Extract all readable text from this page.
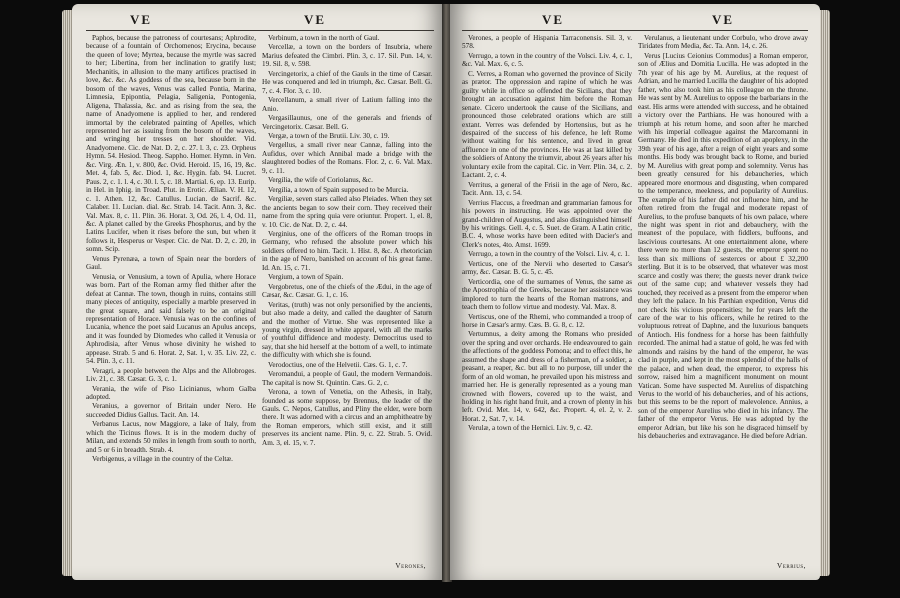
VE	VE

Paphos, because the patroness of courtesans; Aphrodite, because of a fountain of Orchomenos; Erycina, because the queen of love; Myrtea, because the myrtle was sacred to her; Libertina, from her inclination to gratify lust; Mechanitis, in allusion to the many artifices practised in love, &c. &c. As goddess of the sea, because born in the bosom of the waves, Venus was called Pontia, Marina, Limnesia, Epipontia, Pelagia, Saligenia, Pontogenia, Aligena, Thalassia, &c. and as rising from the sea, the name of Anadyomene is applied to her, and rendered immortal by the celebrated painting of Apelles, which represented her as issuing from the bosom of the waves, and wringing her tresses on her shoulder. Vid. Anadyomene. Cic. de Nat. D. 2, c. 27. l. 3, c. 23. Orpheus Hymn. 54. Hesiod. Theog. Sappho. Homer. Hymn. in Ven. &c. Virg. Æn. 1, v. 800, &c. Ovid. Heroid. 15, 16, 19, &c. Met. 4, fab. 5, &c. Diod. 1, &c. Hygin. fab. 94. Lucret. Paus. 2, c. 1. l. 4, c. 30. l. 5, c. 18. Martial. 6, ep. 13. Eurip. in Hel. in Iphig. in Troad. Plut. in Erotic. Ælian. V. H. 12, c. 1. Athen. 12, &c. Catullus. Lucian. de Sacrif. &c. Calaber. 11. Lucian. dial. &c. Strab. 14. Tacit. Ann. 3, &c. Val. Max. 8, c. 11. Plin. 36. Horat. 3, Od. 26, l. 4, Od. 11, &c. A planet called by the Greeks Phosphorus, and by the Latins Lucifer, when it rises before the sun, but when it follows it, Hesperus or Vesper. Cic. de Nat. D. 2, c. 20, in somn. Scip.

Venus Pyrenæa, a town of Spain near the borders of Gaul.

Venusia, or Venusium, a town of Apulia, where Horace was born. Part of the Roman army fled thither after the defeat at Cannæ. The town, though in ruins, contains still many pieces of antiquity, especially a marble preserved in the great square, and said falsely to be an original representation of Horace. Venusia was on the confines of Lucania, whence the poet said Lucanus an Apulus anceps, and it was founded by Diomedes who called it Venusia or Aphrodisia, after Venus whose divinity he wished to appease. Strab. 5 and 6. Horat. 2, Sat. 1, v. 35. Liv. 22, c. 54. Plin. 3, c. 11.

Veragri, a people between the Alps and the Allobroges. Liv. 21, c. 38. Cæsar. G. 3, c. 1.

Verania, the wife of Piso Licinianus, whom Galba adopted.

Veranius, a governor of Britain under Nero. He succeeded Didius Gallus. Tacit. An. 14.

Verbanus Lacus, now Maggiore, a lake of Italy, from which the Ticinus flows. It is in the modern duchy of Milan, and extends 50 miles in length from south to north, and 5 or 6 in breadth. Strab. 4.

Verbigenus, a village in the country of the Celtæ.

Verbinum, a town in the north of Gaul.

Vercellæ, a town on the borders of Insubria, where Marius defeated the Cimbri. Plin. 3, c. 17. Sil. Pun. 14, v. 19. Sil. 8, v. 598.

Vercingetorix, a chief of the Gauls in the time of Cæsar. He was conquered and led in triumph, &c. Cæsar. Bell. G. 7, c. 4. Flor. 3, c. 10.

Vercellanum, a small river of Latium falling into the Anio.

Vergasillaunus, one of the generals and friends of Vercingetorix. Cæsar. Bell. G.

Vergæ, a town of the Brutii. Liv. 30, c. 19.

Vergellus, a small river near Cannæ, falling into the Aufidus, over which Annibal made a bridge with the slaughtered bodies of the Romans. Flor. 2, c. 6. Val. Max. 9, c. 11.

Vergilia, the wife of Coriolanus, &c.

Vergilia, a town of Spain supposed to be Murcia.

Vergiliæ, seven stars called also Pleiades. When they set the ancients began to sow their corn. They received their name from the spring quia vere oriuntur. Propert. 1, el. 8, v. 10. Cic. de Nat. D. 2, c. 44.

Verginius, one of the officers of the Roman troops in Germany, who refused the absolute power which his soldiers offered to him. Tacit. 1. Hist. 8, &c. A rhetorician in the age of Nero, banished on account of his great fame. Id. An. 15, c. 71.

Vergium, a town of Spain.

Vergobretus, one of the chiefs of the Ædui, in the age of Cæsar, &c. Cæsar. G. 1, c. 16.

Veritas, (truth) was not only personified by the ancients, but also made a deity, and called the daughter of Saturn and the mother of Virtue. She was represented like a young virgin, dressed in white apparel, with all the marks of youthful diffidence and modesty. Democritus used to say, that she hid herself at the bottom of a well, to intimate the difficulty with which she is found.

Verodoctius, one of the Helvetii. Cæs. G. 1, c. 7.

Veromandui, a people of Gaul, the modern Vermandois. The capital is now St. Quintin. Cæs. G. 2, c.

Verona, a town of Venetia, on the Athesis, in Italy, founded as some suppose, by Brennus, the leader of the Gauls. C. Nepos, Catullus, and Pliny the elder, were born there. It was adorned with a circus and an amphitheatre by the Roman emperors, which still exist, and it still preserves its ancient name. Plin. 9, c. 22. Strab. 5. Ovid. Am. 3, el. 15, v. 7.

Verones,
VE	VE

Verones, a people of Hispania Tarraconensis. Sil. 3, v. 578.

Verrugo, a town in the country of the Volsci. Liv. 4, c. 1, &c. Val. Max. 6, c. 5.

C. Verres, a Roman who governed the province of Sicily as prætor. The oppression and rapine of which he was guilty while in office so offended the Sicilians, that they brought an accusation against him before the Roman senate. Cicero undertook the cause of the Sicilians, and pronounced those celebrated orations which are still extant. Verres was defended by Hortensius, but as he despaired of the success of his defence, he left Rome without waiting for his sentence, and lived in great affluence in one of the provinces. He was at last killed by the soldiers of Antony the triumvir, about 26 years after his voluntary exile from the capital. Cic. in Verr. Plin. 34, c. 2. Lactant. 2, c. 4.

Verritus, a general of the Frisii in the age of Nero, &c. Tacit. Ann. 13, c. 54.

Verrius Flaccus, a freedman and grammarian famous for his powers in instructing. He was appointed over the grand-children of Augustus, and also distinguished himself by his writings. Gell. 4, c. 5. Suet. de Gram. A Latin critic, B.C. 4, whose works have been edited with Dacier's and Clerk's notes, 4to. Amst. 1699.

Verrugo, a town in the country of the Volsci. Liv. 4, c. 1.

Verticus, one of the Nervii who deserted to Cæsar's army, &c. Cæsar. B. G. 5, c. 45.

Verticordia, one of the surnames of Venus, the same as the Apostrophia of the Greeks, because her assistance was implored to turn the hearts of the Roman matrons, and teach them to follow virtue and modesty. Val. Max. 8.

Vertiscus, one of the Rhemi, who commanded a troop of horse in Cæsar's army. Cæs. B. G. 8, c. 12.

Vertumnus, a deity among the Romans who presided over the spring and over orchards. He endeavoured to gain the affections of the goddess Pomona; and to effect this, he assumed the shape and dress of a fisherman, of a soldier, a peasant, a reaper, &c. but all to no purpose, till under the form of an old woman, he prevailed upon his mistress and married her. He is generally represented as a young man crowned with flowers, covered up to the waist, and holding in his right hand fruit, and a crown of plenty in his left. Ovid. Met. 14, v. 642, &c. Propert. 4, el. 2, v. 2. Horat. 2, Sat. 7, v. 14.

Verulæ, a town of the Hernici. Liv. 9, c. 42.

Verulanus, a lieutenant under Corbulo, who drove away Tiridates from Media, &c. Ta. Ann. 14, c. 26.

Verus [Lucius Ceionius Commodus] a Roman emperor, son of Ælius and Domitia Lucilla. He was adopted in the 7th year of his age by M. Aurelius, at the request of Adrian, and he married Lucilla the daughter of his adopted father, who also took him as his colleague on the throne. He was sent by M. Aurelius to oppose the barbarians in the east. His arms were attended with success, and he obtained a victory over the Parthians. He was honoured with a triumph at his return home, and soon after he marched with his imperial colleague against the Marcomanni in Germany. He died in this expedition of an apoplexy, in the 39th year of his age, after a reign of eight years and some months. His body was brought back to Rome, and buried by M. Aurelius with great pomp and solemnity. Verus has been greatly censured for his debaucheries, which appeared more enormous and disgusting, when compared to the temperance, meekness, and popularity of Aurelius. The example of his father did not influence him, and he often retired from the frugal and moderate repast of Aurelius, to the profuse banquets of his own palace, where the night was spent in riot and debauchery, with the meanest of the populace, with fiddlers, buffoons, and lascivious courtesans. At one entertainment alone, where there were no more than 12 guests, the emperor spent no less than six millions of sesterces or about £ 32,200 sterling. But it is to be observed, that whatever was most scarce and costly was there; the guests never drank twice out of the same cup; and whatever vessels they had touched, they received as a present from the emperor when they left the palace. In his Parthian expedition, Verus did not check his vicious propensities; he for years left the care of the war to his officers, while he retired to the voluptuous retreat of Daphne, and the luxurious banquets of Antioch. His fondness for a horse has been faithfully recorded. The animal had a statue of gold, he was fed with almonds and raisins by the hand of the emperor, he was clad in purple, and kept in the most splendid of the halls of the palace, and when dead, the emperor, to express his sorrow, raised him a magnificent monument on mount Vatican. Some have suspected M. Aurelius of dispatching Verus to the world of his debaucheries, and of his actions, but this seems to be the report of malevolence. Annius, a son of the emperor Aurelius who died in his infancy. The father of the emperor Verus. He was adopted by the emperor Adrian, but like his son he disgraced himself by his debaucheries and extravagance. He died before Adrian.

Verrius,
